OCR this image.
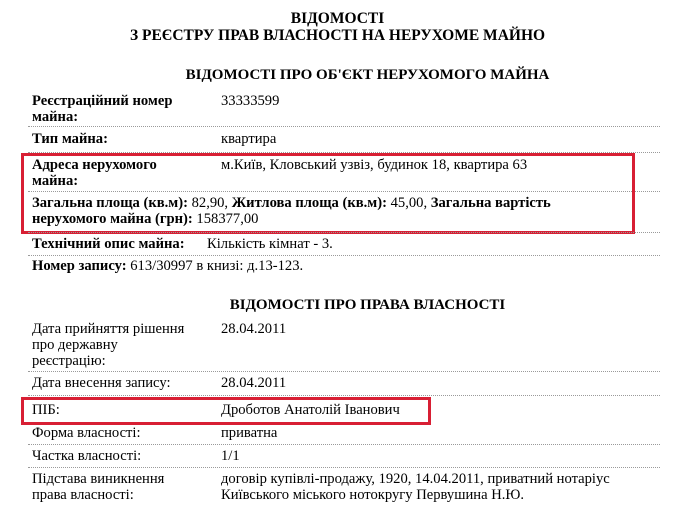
ВІДОМОСТІ
З РЕЄСТРУ ПРАВ ВЛАСНОСТІ НА НЕРУХОМЕ МАЙНО
ВІДОМОСТІ ПРО ОБ'ЄКТ НЕРУХОМОГО МАЙНА
Реєстраційний номер
майна:
33333599
Тип майна:	квартира
Адреса нерухомого
майна:
м.Київ, Кловський узвіз, будинок 18, квартира 63
Загальна площа (кв.м): 82,90, Житлова площа (кв.м): 45,00, Загальна вартість
нерухомого майна (грн): 158377,00
Технічний опис майна: Кількість кімнат - 3.
Номер запису: 613/30997 в книзі: д.13-123.
ВІДОМОСТІ ПРО ПРАВА ВЛАСНОСТІ
Дата прийняття рішення
про державну
реєстрацію:
28.04.2011
Дата внесення запису:	28.04.2011
ПІБ:	Дроботов Анатолій Іванович
Форма власності:	приватна
Частка власності:	1/1
Підстава виникнення
права власності:
договір купівлі-продажу, 1920, 14.04.2011, приватний нотаріус
Київського міського нотокругу Первушина Н.Ю.
